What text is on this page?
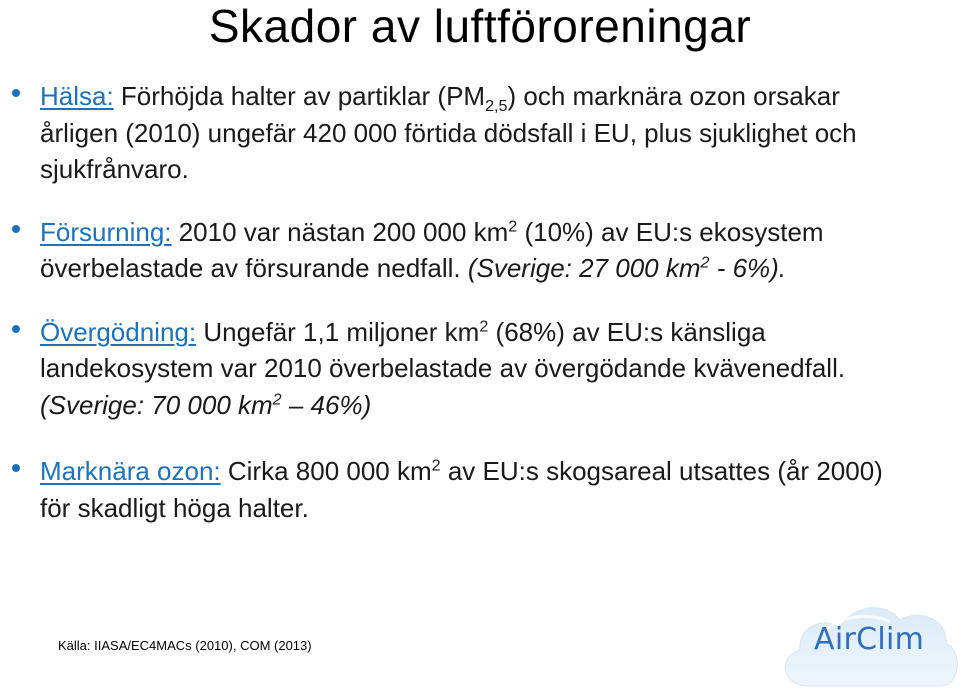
Skador av luftföroreningar
Hälsa: Förhöjda halter av partiklar $(PM_{2,5})$ och marknära ozon orsakar årligen (2010) ungefär 420 000 förtida dödsfall i EU, plus sjuklighet och sjukfrånvaro.
Försurning: 2010 var nästan 200 000 $km^2$ (10%) av EU:s ekosystem överbelastade av försurande nedfall. (Sverige: 27 000 $km^2 - 6\%$).
Övergödning: Ungefär 1,1 miljoner $km^2$ (68%) av EU:s känsliga landekosystem var 2010 överbelastade av övergödande kvävenedfall. (Sverige: 70 000 $km^2 - 46\%$)
Marknära ozon: Cirka 800 000 $km^2$ av EU:s skogsareal utsattes (år 2000) för skadligt höga halter.
Källa: IIASA/EC4MACs (2010), COM (2013)	AirClim
